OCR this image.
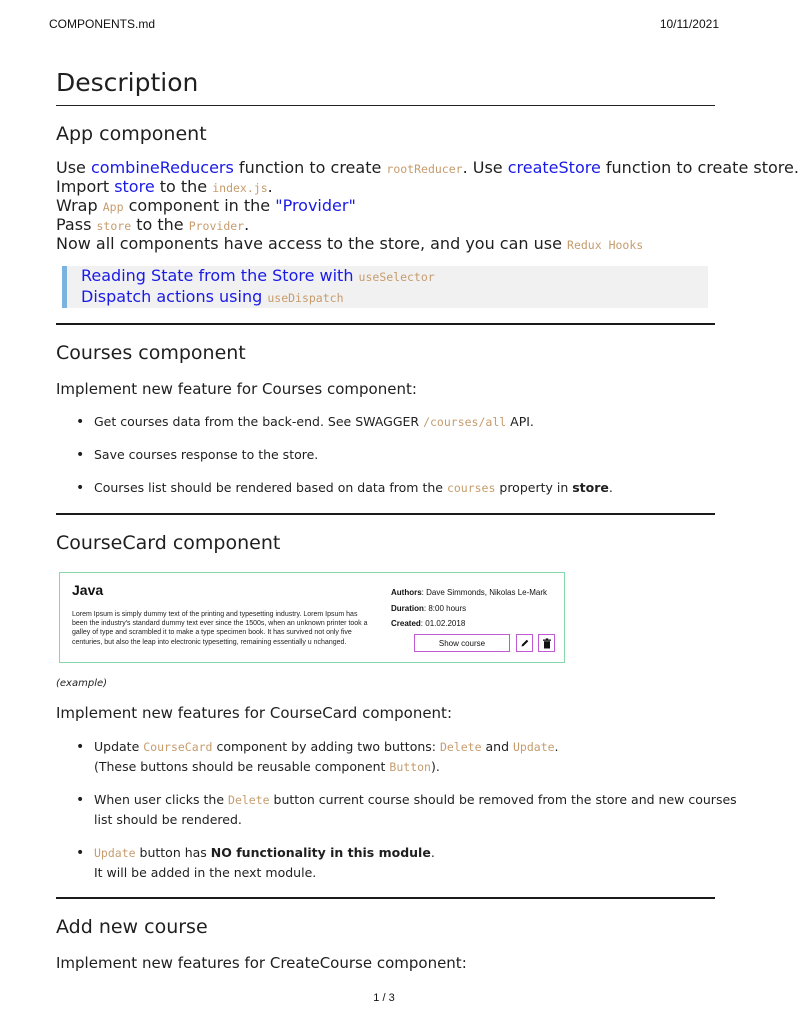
COMPONENTS.md	10/11/2021
Description
App component
Use combineReducers function to create rootReducer. Use createStore function to create store.
Import store to the index.js.
Wrap App component in the "Provider"
Pass store to the Provider.
Now all components have access to the store, and you can use Redux Hooks
Reading State from the Store with useSelector
Dispatch actions using useDispatch
Courses component

Implement new feature for Courses component:

• Get courses data from the back-end. See SWAGGER /courses/all API.
• Save courses response to the store.
• Courses list should be rendered based on data from the courses property in store.
CourseCard component
Java
Lorem Ipsum is simply dummy text of the printing and typesetting industry. Lorem Ipsum has been the industry's standard dummy text ever since the 1500s, when an unknown printer took a galley of type and scrambled it to make a type specimen book. It has survived not only five centuries, but also the leap into electronic typesetting, remaining essentially u nchanged.
Authors: Dave Simmonds, Nikolas Le-Mark
Duration: 8:00 hours
Created: 01.02.2018
Show course
(example)

Implement new features for CourseCard component:

• Update CourseCard component by adding two buttons: Delete and Update.
(These buttons should be reusable component Button).
• When user clicks the Delete button current course should be removed from the store and new courses
list should be rendered.
• Update button has NO functionality in this module.
It will be added in the next module.
Add new course

Implement new features for CreateCourse component:

1 / 3
